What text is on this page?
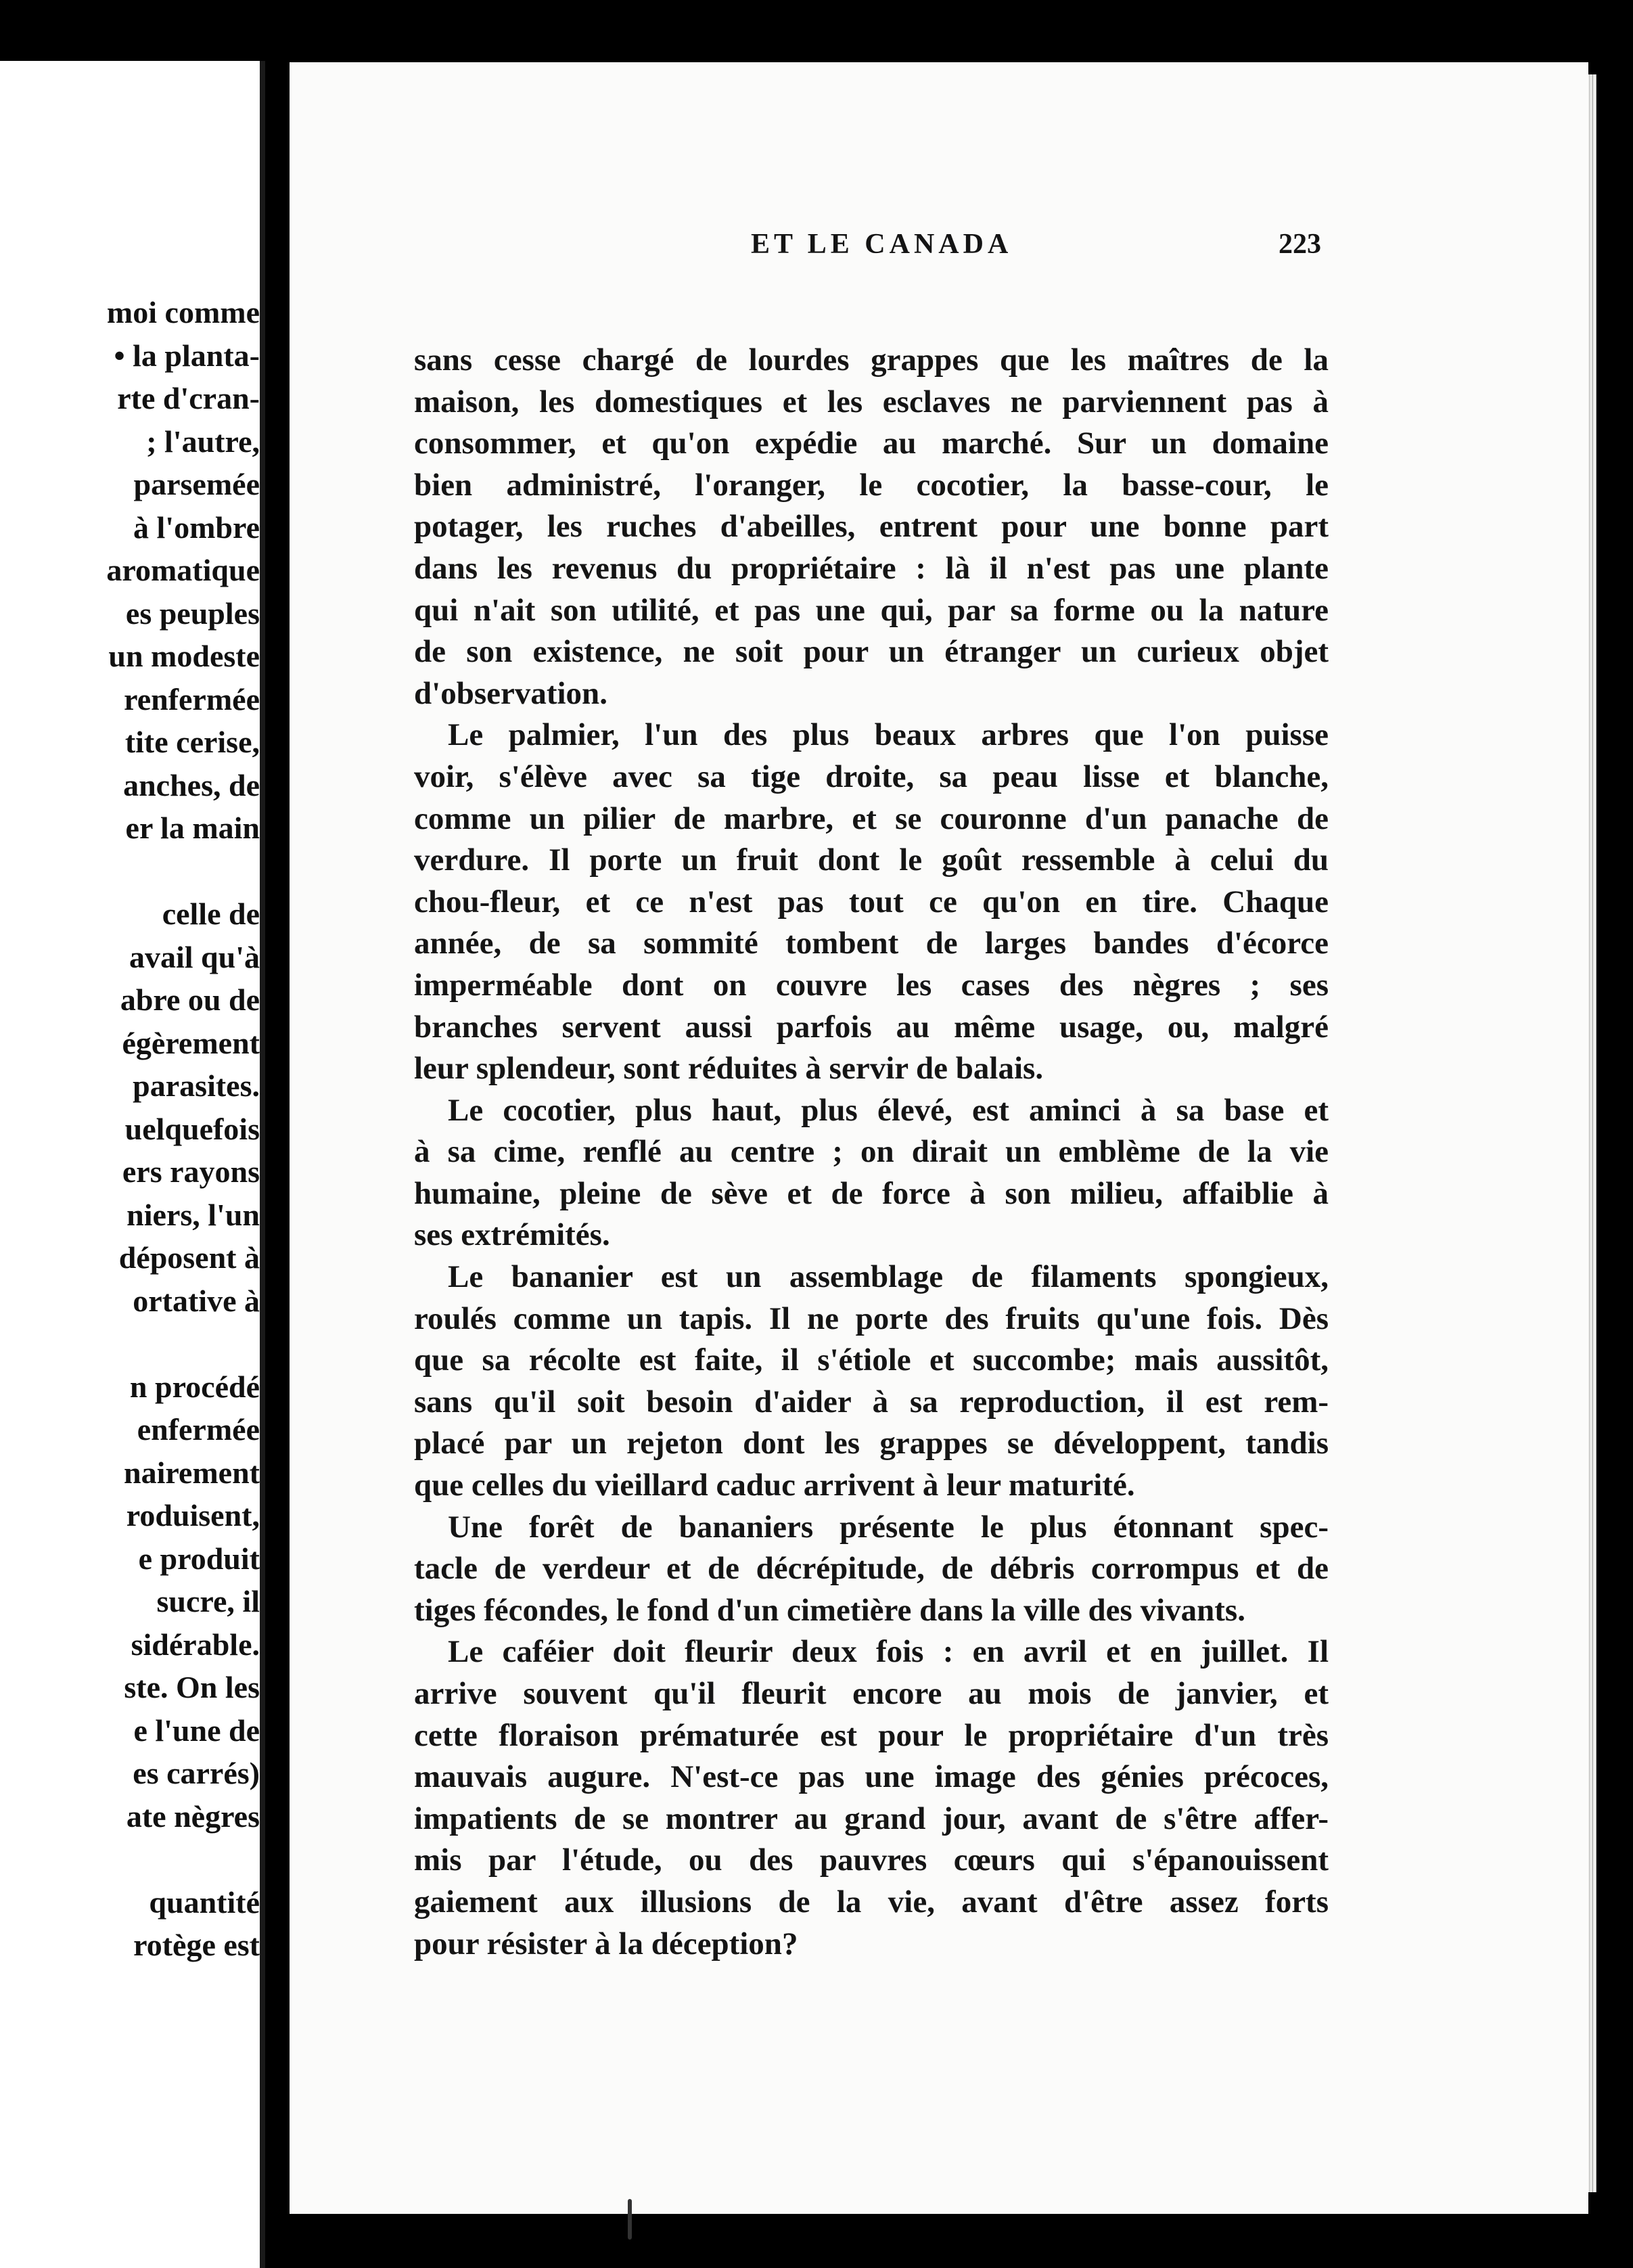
moi comme
• la planta-
rte d'cran-
; l'autre,
parsemée
à l'ombre
aromatique
es peuples
un modeste
renfermée
tite cerise,
anches, de
er la main
celle de
avail qu'à
abre ou de
égèrement
parasites.
uelquefois
ers rayons
niers, l'un
déposent à
ortative à
n procédé
enfermée
nairement
roduisent,
e produit
sucre, il
sidérable.
ste. On les
e l'une de
es carrés)
ate nègres
quantité
rotège est
ET LE CANADA	223
sans cesse chargé de lourdes grappes que les maîtres de la
maison, les domestiques et les esclaves ne parviennent pas à
consommer, et qu'on expédie au marché. Sur un domaine
bien administré, l'oranger, le cocotier, la basse-cour, le
potager, les ruches d'abeilles, entrent pour une bonne part
dans les revenus du propriétaire : là il n'est pas une plante
qui n'ait son utilité, et pas une qui, par sa forme ou la nature
de son existence, ne soit pour un étranger un curieux objet
d'observation.
Le palmier, l'un des plus beaux arbres que l'on puisse
voir, s'élève avec sa tige droite, sa peau lisse et blanche,
comme un pilier de marbre, et se couronne d'un panache de
verdure. Il porte un fruit dont le goût ressemble à celui du
chou-fleur, et ce n'est pas tout ce qu'on en tire. Chaque
année, de sa sommité tombent de larges bandes d'écorce
imperméable dont on couvre les cases des nègres ; ses
branches servent aussi parfois au même usage, ou, malgré
leur splendeur, sont réduites à servir de balais.
Le cocotier, plus haut, plus élevé, est aminci à sa base et
à sa cime, renflé au centre ; on dirait un emblème de la vie
humaine, pleine de sève et de force à son milieu, affaiblie à
ses extrémités.
Le bananier est un assemblage de filaments spongieux,
roulés comme un tapis. Il ne porte des fruits qu'une fois. Dès
que sa récolte est faite, il s'étiole et succombe; mais aussitôt,
sans qu'il soit besoin d'aider à sa reproduction, il est rem-
placé par un rejeton dont les grappes se développent, tandis
que celles du vieillard caduc arrivent à leur maturité.
Une forêt de bananiers présente le plus étonnant spec-
tacle de verdeur et de décrépitude, de débris corrompus et de
tiges fécondes, le fond d'un cimetière dans la ville des vivants.
Le caféier doit fleurir deux fois : en avril et en juillet. Il
arrive souvent qu'il fleurit encore au mois de janvier, et
cette floraison prématurée est pour le propriétaire d'un très
mauvais augure. N'est-ce pas une image des génies précoces,
impatients de se montrer au grand jour, avant de s'être affer-
mis par l'étude, ou des pauvres cœurs qui s'épanouissent
gaiement aux illusions de la vie, avant d'être assez forts
pour résister à la déception?
